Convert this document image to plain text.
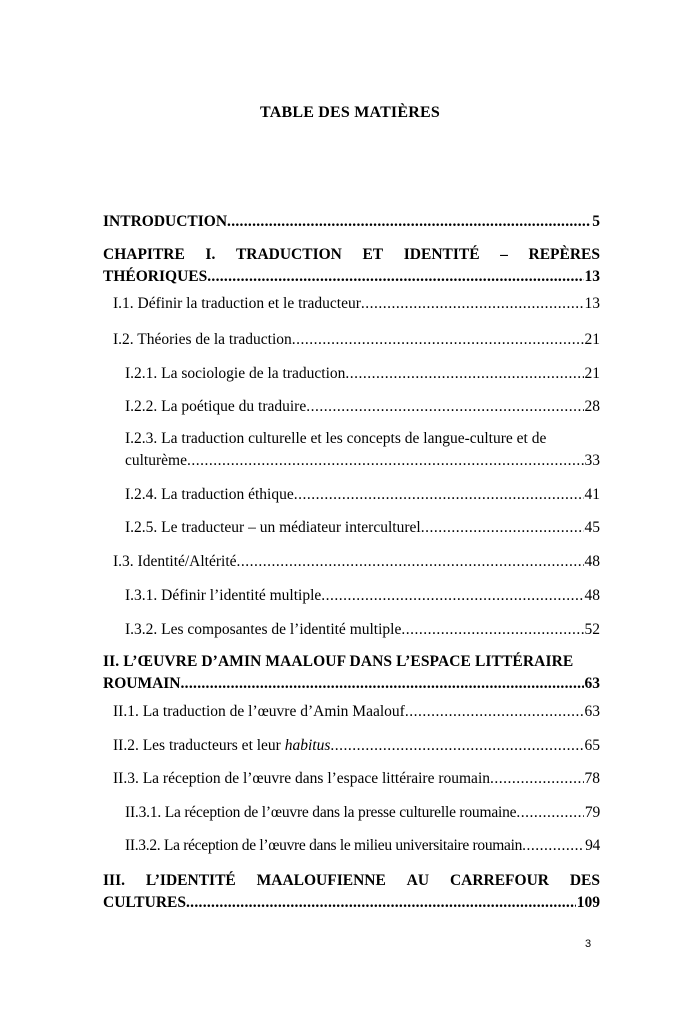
TABLE DES MATIÈRES
INTRODUCTION .....	5
CHAPITRE I. TRADUCTION ET IDENTITÉ – REPÈRES
THÉORIQUES .....	13
I.1. Définir la traduction et le traducteur .....	13
I.2. Théories de la traduction .....	21
I.2.1. La sociologie de la traduction .....	21
I.2.2. La poétique du traduire .....	28
I.2.3. La traduction culturelle et les concepts de langue-culture et de
culturème .....	33
I.2.4. La traduction éthique .....	41
I.2.5. Le traducteur – un médiateur interculturel .....	45
I.3. Identité/Altérité .....	48
I.3.1. Définir l’identité multiple .....	48
I.3.2. Les composantes de l’identité multiple .....	52
II. L’ŒUVRE D’AMIN MAALOUF DANS L’ESPACE LITTÉRAIRE
ROUMAIN .....	63
II.1. La traduction de l’œuvre d’Amin Maalouf .....	63
II.2. Les traducteurs et leur habitus .....	65
II.3. La réception de l’œuvre dans l’espace littéraire roumain .....	78
II.3.1. La réception de l’œuvre dans la presse culturelle roumaine .....	79
II.3.2. La réception de l’œuvre dans le milieu universitaire roumain .....	94
III. L’IDENTITÉ MAALOUFIENNE AU CARREFOUR DES
CULTURES .....	109
3
